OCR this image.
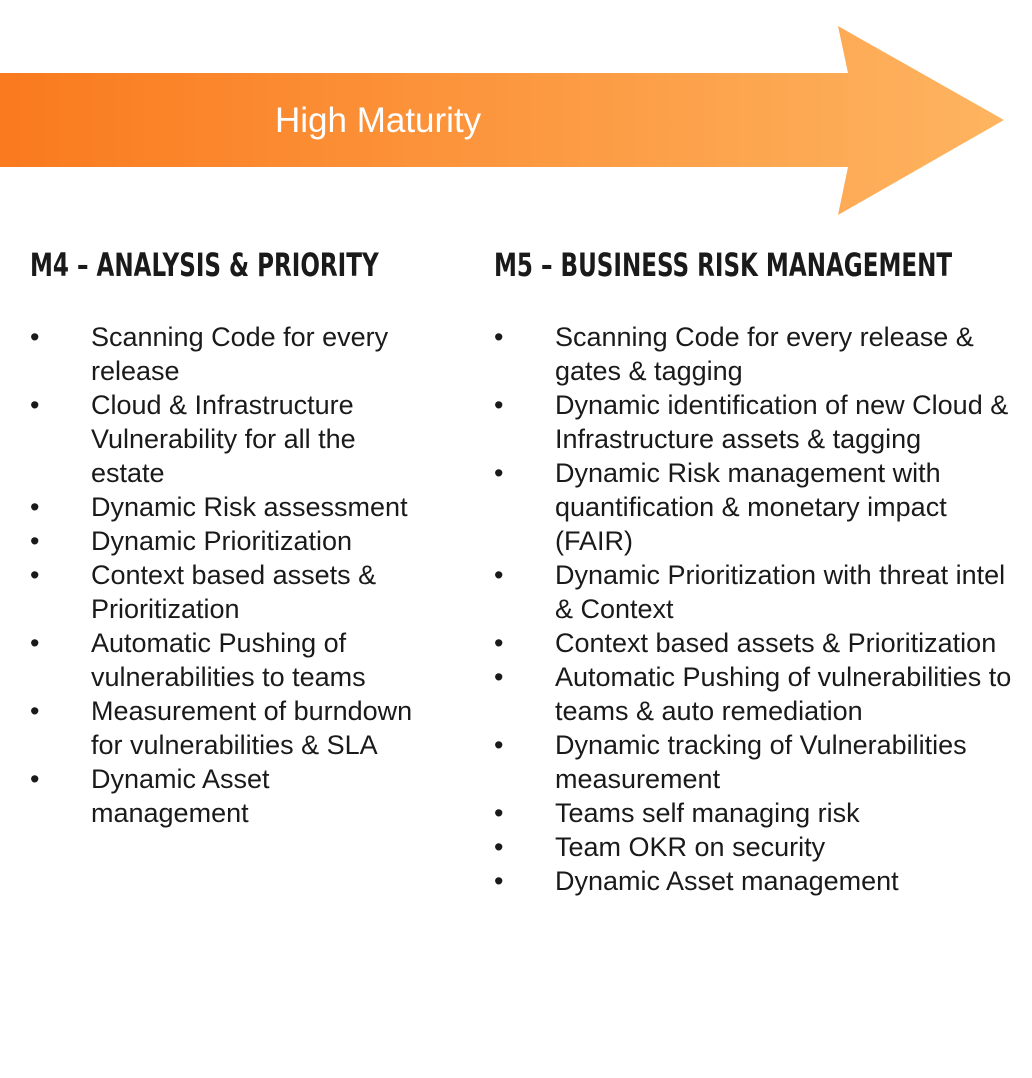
High Maturity
M4 – ANALYSIS & PRIORITY
•	Scanning Code for every release
•	Cloud & Infrastructure Vulnerability for all the estate
•	Dynamic Risk assessment
•	Dynamic Prioritization
•	Context based assets & Prioritization
•	Automatic Pushing of vulnerabilities to teams
•	Measurement of burndown for vulnerabilities & SLA
•	Dynamic Asset management
M5 – BUSINESS RISK MANAGEMENT
•	Scanning Code for every release & gates & tagging
•	Dynamic identification of new Cloud & Infrastructure assets & tagging
•	Dynamic Risk management with quantification & monetary impact (FAIR)
•	Dynamic Prioritization with threat intel & Context
•	Context based assets & Prioritization
•	Automatic Pushing of vulnerabilities to teams & auto remediation
•	Dynamic tracking of Vulnerabilities measurement
•	Teams self managing risk
•	Team OKR on security
•	Dynamic Asset management
